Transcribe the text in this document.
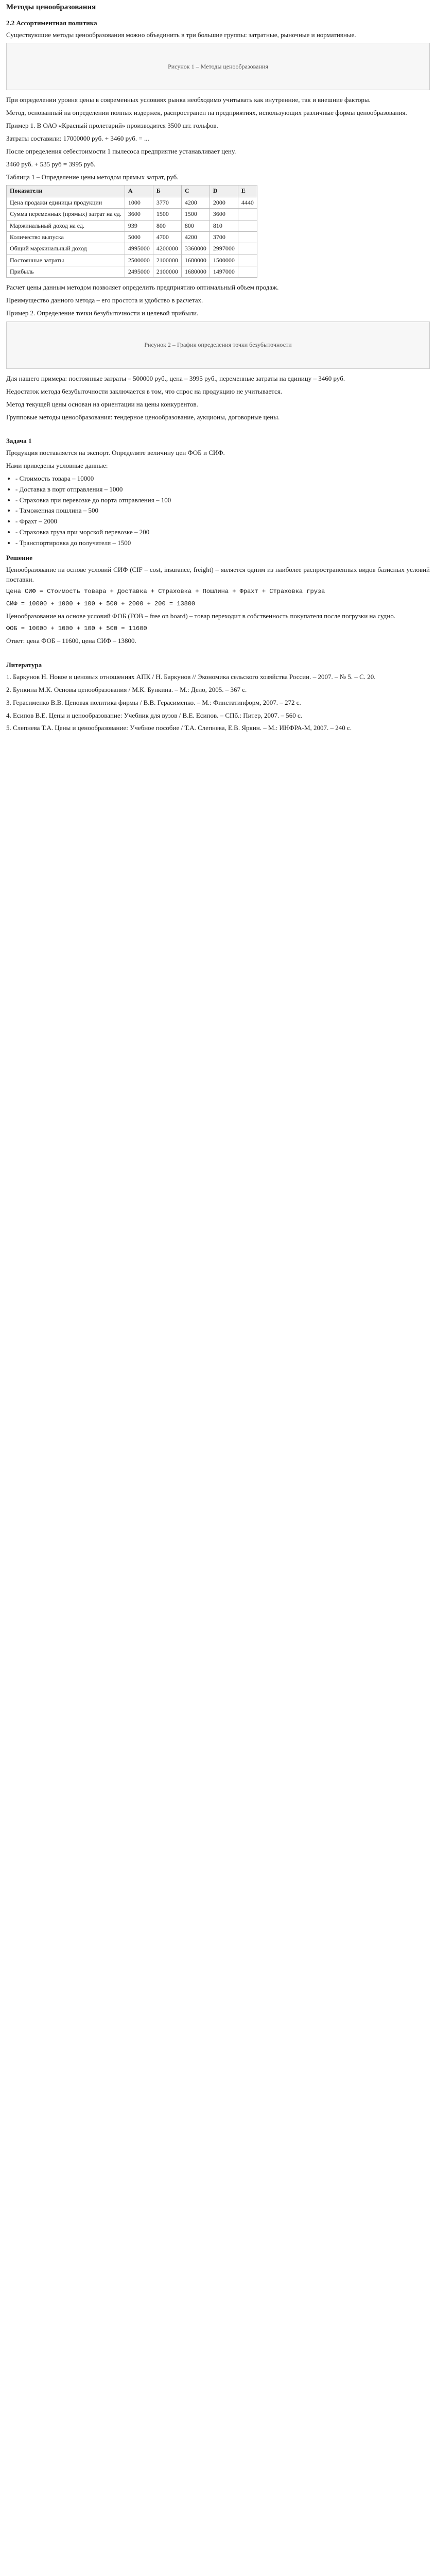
Методы ценообразования
2.2 Ассортиментная политика

Существующие методы ценообразования можно объединить в три большие группы: затратные, рыночные и нормативные.

Рисунок 1 – Методы ценообразования

При определении уровня цены в современных условиях рынка необходимо учитывать как внутренние, так и внешние факторы.

Метод, основанный на определении полных издержек, распространен на предприятиях, использующих различные формы ценообразования.

Пример 1. В ОАО «Красный пролетарий» производится 3500 шт. гольфов.

Затраты составили: 17000000 руб. + 3460 руб. = ...

После определения себестоимости 1 пылесоса предприятие устанавливает цену.

3460 руб. + 535 руб = 3995 руб.

Таблица 1 – Определение цены методом прямых затрат, руб.

Показатели	А	Б	С	D	Е
Цена продажи единицы продукции	1000	3770	4200	2000	4440
Сумма переменных (прямых) затрат на ед.	3600	1500	1500	3600	
Маржинальный доход на ед.	939	800	800	810	
Количество выпуска	5000	4700	4200	3700	
Общий маржинальный доход	4995000	4200000	3360000	2997000	
Постоянные затраты	2500000	2100000	1680000	1500000	
Прибыль	2495000	2100000	1680000	1497000	

Расчет цены данным методом позволяет определить предприятию оптимальный объем продаж.

Преимущество данного метода – его простота и удобство в расчетах.

Пример 2. Определение точки безубыточности и целевой прибыли.

Рисунок 2 – График определения точки безубыточности

Для нашего примера: постоянные затраты – 500000 руб., цена – 3995 руб., переменные затраты на единицу – 3460 руб.

Недостаток метода безубыточности заключается в том, что спрос на продукцию не учитывается.

Метод текущей цены основан на ориентации на цены конкурентов.

Групповые методы ценообразования: тендерное ценообразование, аукционы, договорные цены.

Задача 1

Продукция поставляется на экспорт. Определите величину цен ФОБ и СИФ.

Нами приведены условные данные:

• - Стоимость товара – 10000
• - Доставка в порт отправления – 1000
• - Страховка при перевозке до порта отправления – 100
• - Таможенная пошлина – 500
• - Фрахт – 2000
• - Страховка груза при морской перевозке – 200
• - Транспортировка до получателя – 1500
Решение

Ценообразование на основе условий СИФ (CIF – cost, insurance, freight) – является одним из наиболее распространенных видов базисных условий поставки.

Цена СИФ = Стоимость товара + Доставка + Страховка + Пошлина + Фрахт + Страховка груза

СИФ = 10000 + 1000 + 100 + 500 + 2000 + 200 = 13800

Ценообразование на основе условий ФОБ (FOB – free on board) – товар переходит в собственность покупателя после погрузки на судно.

ФОБ = 10000 + 1000 + 100 + 500 = 11600

Ответ: цена ФОБ – 11600, цена СИФ – 13800.

Литература

1. Баркунов Н. Новое в ценовых отношениях АПК / Н. Баркунов // Экономика сельского хозяйства России. – 2007. – № 5. – С. 20.

2. Бункина М.К. Основы ценообразования / М.К. Бункина. – М.: Дело, 2005. – 367 с.

3. Герасименко В.В. Ценовая политика фирмы / В.В. Герасименко. – М.: Финстатинформ, 2007. – 272 с.

4. Есипов В.Е. Цены и ценообразование: Учебник для вузов / В.Е. Есипов. – СПб.: Питер, 2007. – 560 с.

5. Слепнева Т.А. Цены и ценообразование: Учебное пособие / Т.А. Слепнева, Е.В. Яркин. – М.: ИНФРА-М, 2007. – 240 с.
